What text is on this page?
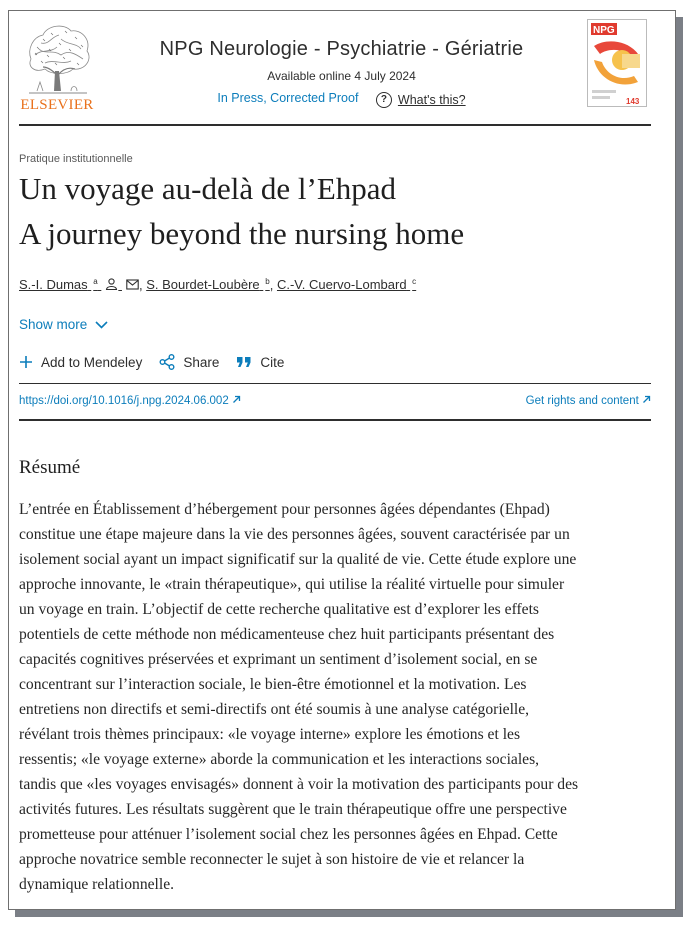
ELSEVIER
NPG Neurologie - Psychiatrie - Gériatrie
Available online 4 July 2024
In Press, Corrected Proof	? What's this?
NPG
143
Pratique institutionnelle
Un voyage au-delà de l’Ehpad
A journey beyond the nursing home
S.-I. Dumas $^a$	, S. Bourdet-Loubère $^b$, C.-V. Cuervo-Lombard $^c$
Show more
Add to Mendeley	Share	Cite
https://doi.org/10.1016/j.npg.2024.06.002	Get rights and content
Résumé

L’entrée en Établissement d’hébergement pour personnes âgées dépendantes (Ehpad)
constitue une étape majeure dans la vie des personnes âgées, souvent caractérisée par un
isolement social ayant un impact significatif sur la qualité de vie. Cette étude explore une
approche innovante, le «train thérapeutique», qui utilise la réalité virtuelle pour simuler
un voyage en train. L’objectif de cette recherche qualitative est d’explorer les effets
potentiels de cette méthode non médicamenteuse chez huit participants présentant des
capacités cognitives préservées et exprimant un sentiment d’isolement social, en se
concentrant sur l’interaction sociale, le bien-être émotionnel et la motivation. Les
entretiens non directifs et semi-directifs ont été soumis à une analyse catégorielle,
révélant trois thèmes principaux: «le voyage interne» explore les émotions et les
ressentis; «le voyage externe» aborde la communication et les interactions sociales,
tandis que «les voyages envisagés» donnent à voir la motivation des participants pour des
activités futures. Les résultats suggèrent que le train thérapeutique offre une perspective
prometteuse pour atténuer l’isolement social chez les personnes âgées en Ehpad. Cette
approche novatrice semble reconnecter le sujet à son histoire de vie et relancer la
dynamique relationnelle.
